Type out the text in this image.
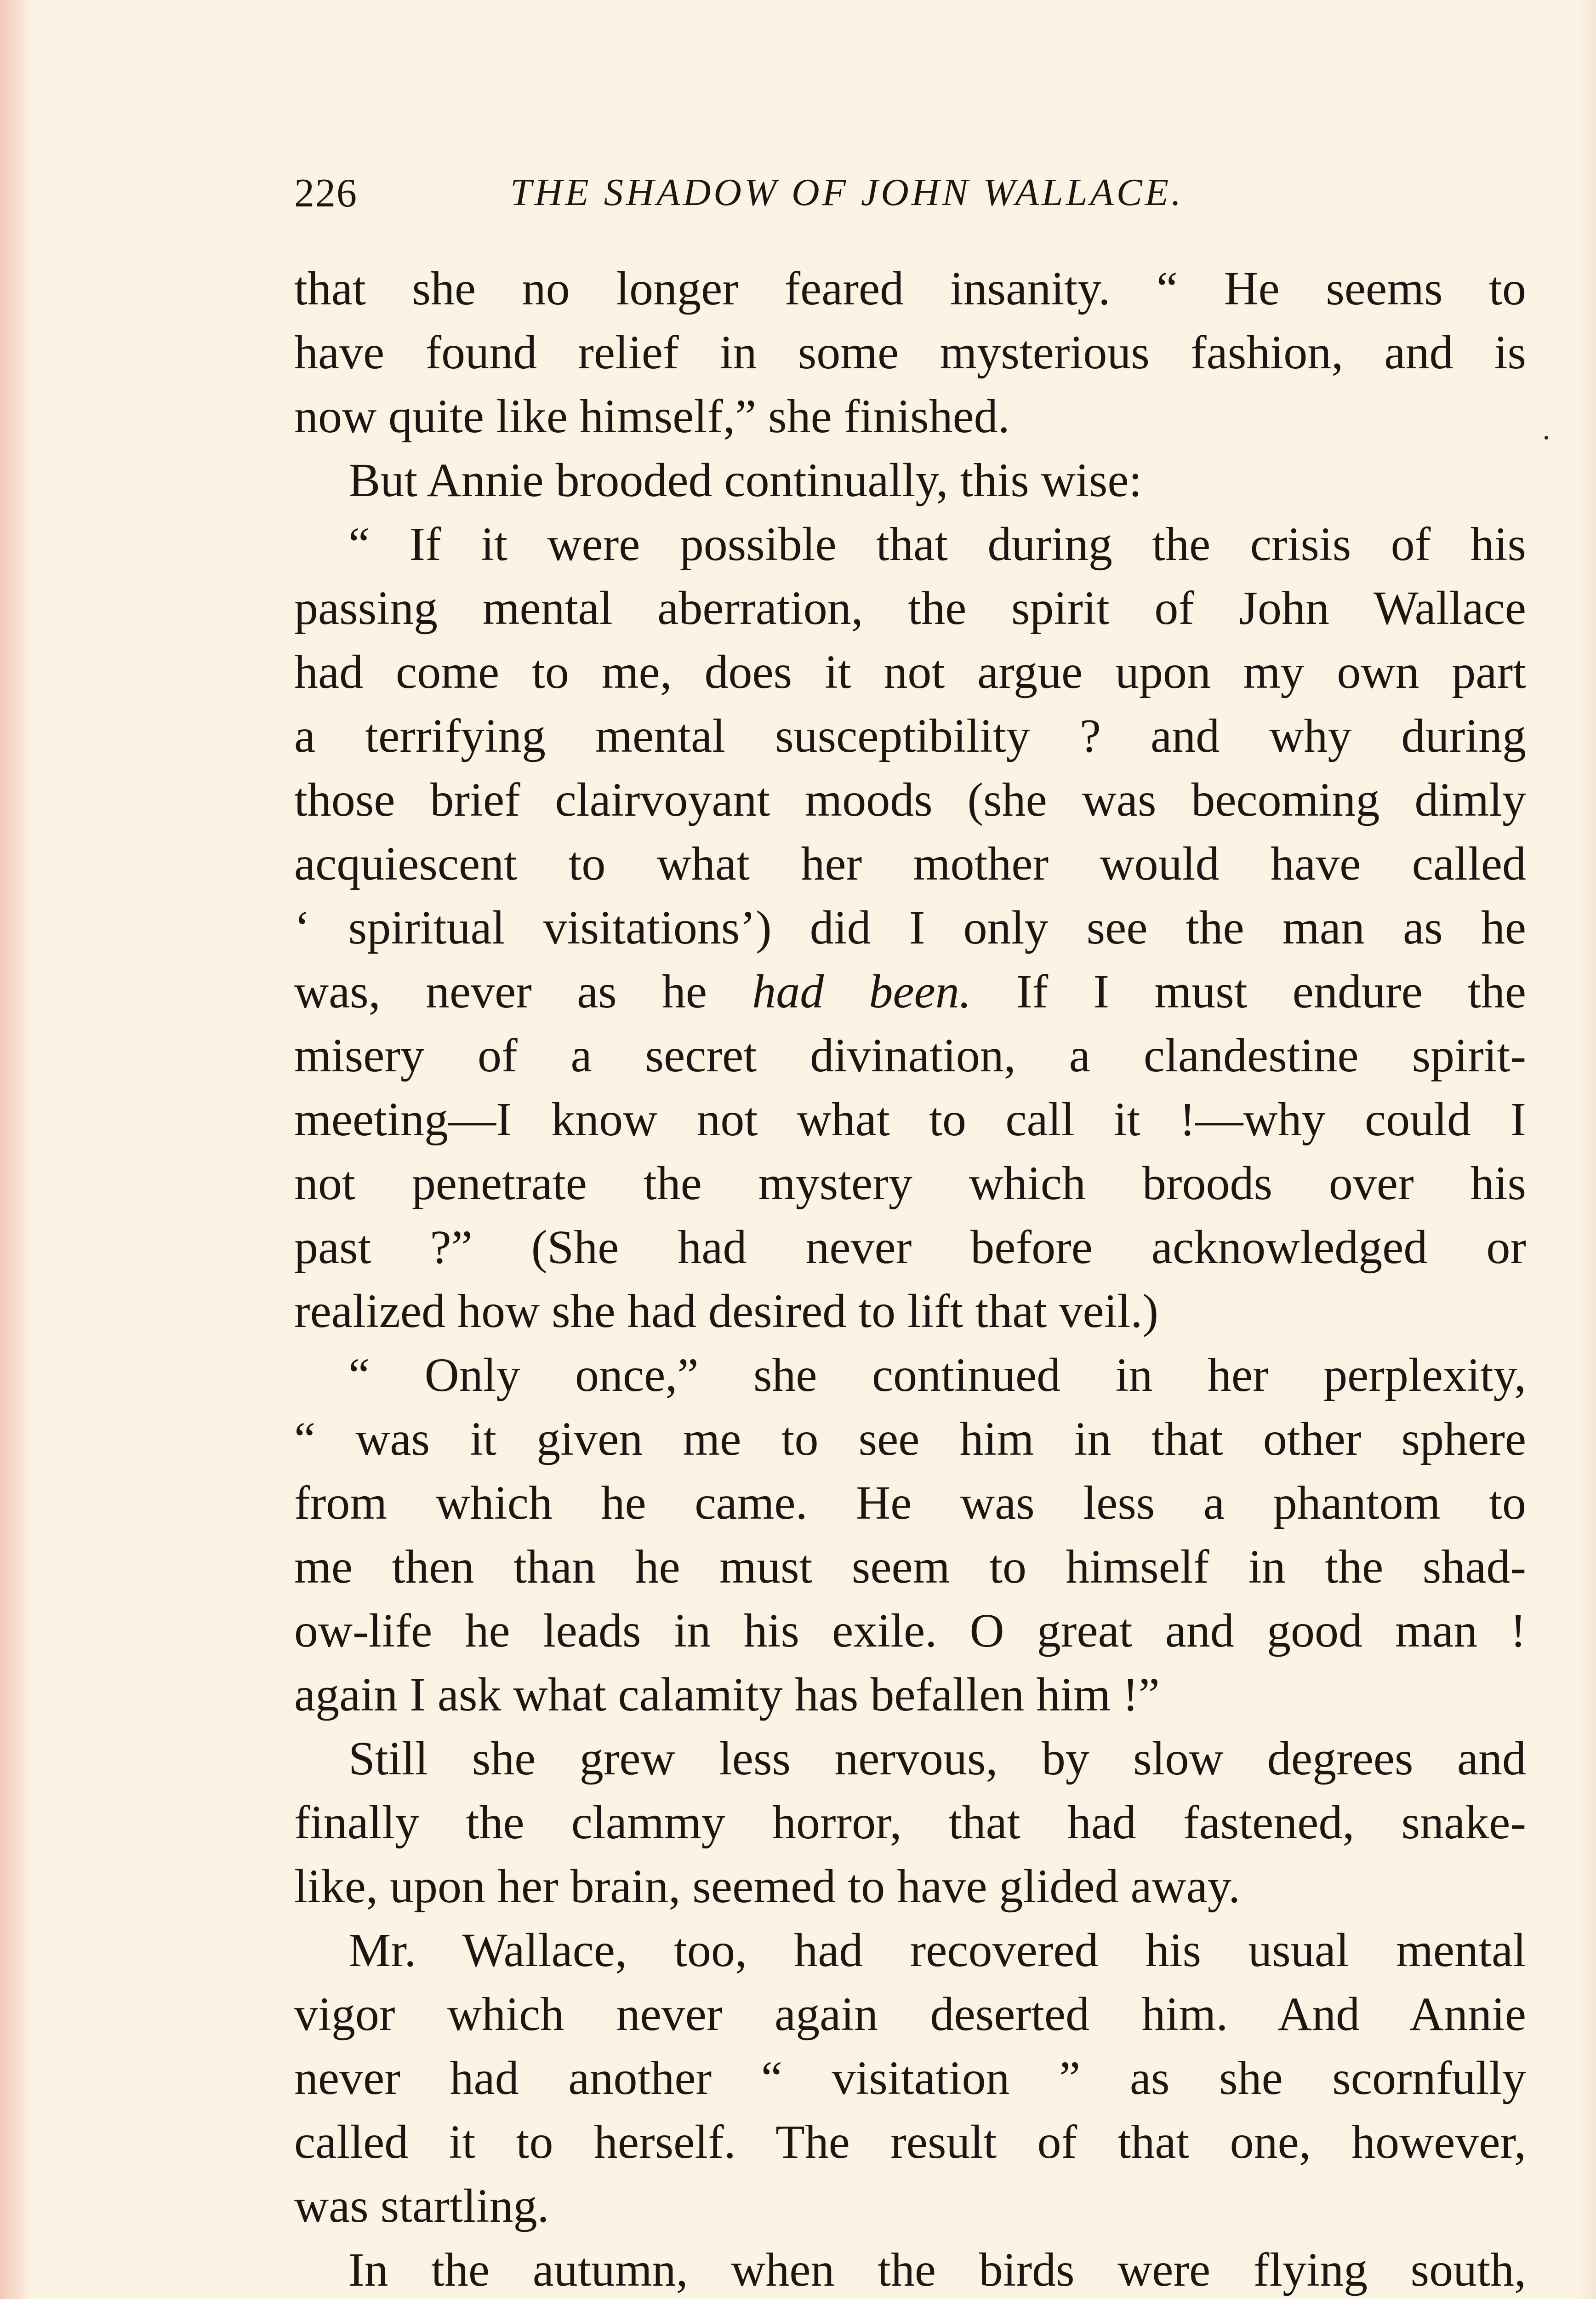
226	THE SHADOW OF JOHN WALLACE.
that she no longer feared insanity. “ He seems to
have found relief in some mysterious fashion, and is
now quite like himself,” she finished.
But Annie brooded continually, this wise:
“ If it were possible that during the crisis of his
passing mental aberration, the spirit of John Wallace
had come to me, does it not argue upon my own part
a terrifying mental susceptibility ? and why during
those brief clairvoyant moods (she was becoming dimly
acquiescent to what her mother would have called
‘ spiritual visitations’) did I only see the man as he
was, never as he had been. If I must endure the
misery of a secret divination, a clandestine spirit-
meeting—I know not what to call it !—why could I
not penetrate the mystery which broods over his
past ?” (She had never before acknowledged or
realized how she had desired to lift that veil.)
“ Only once,” she continued in her perplexity,
“ was it given me to see him in that other sphere
from which he came. He was less a phantom to
me then than he must seem to himself in the shad-
ow-life he leads in his exile. O great and good man !
again I ask what calamity has befallen him !”
Still she grew less nervous, by slow degrees and
finally the clammy horror, that had fastened, snake-
like, upon her brain, seemed to have glided away.
Mr. Wallace, too, had recovered his usual mental
vigor which never again deserted him. And Annie
never had another “ visitation ” as she scornfully
called it to herself. The result of that one, however,
was startling.
In the autumn, when the birds were flying south,
